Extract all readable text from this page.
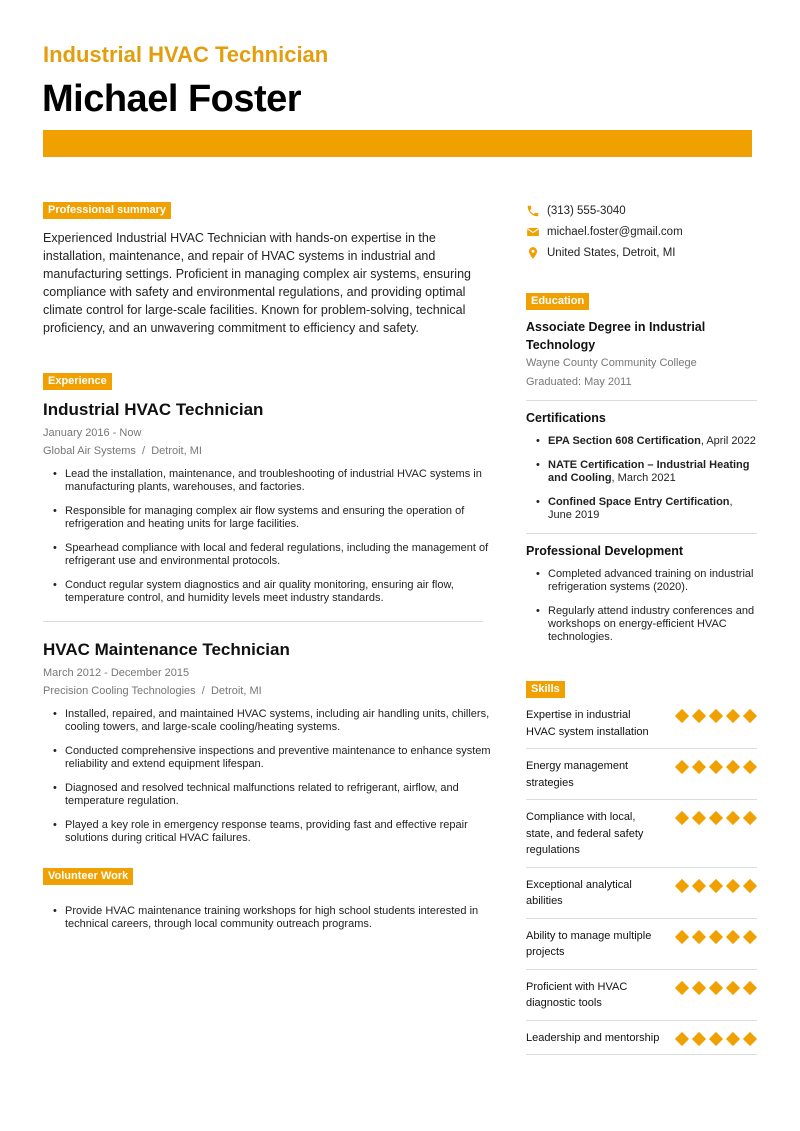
Industrial HVAC Technician
Michael Foster
Professional summary

Experienced Industrial HVAC Technician with hands-on expertise in the installation, maintenance, and repair of HVAC systems in industrial and manufacturing settings. Proficient in managing complex air systems, ensuring compliance with safety and environmental regulations, and providing optimal climate control for large-scale facilities. Known for problem-solving, technical proficiency, and an unwavering commitment to efficiency and safety.

Experience
Industrial HVAC Technician
January 2016 - Now
Global Air Systems  /  Detroit, MI
• Lead the installation, maintenance, and troubleshooting of industrial HVAC systems in manufacturing plants, warehouses, and factories.
• Responsible for managing complex air flow systems and ensuring the operation of refrigeration and heating units for large facilities.
• Spearhead compliance with local and federal regulations, including the management of refrigerant use and environmental protocols.
• Conduct regular system diagnostics and air quality monitoring, ensuring air flow, temperature control, and humidity levels meet industry standards.
HVAC Maintenance Technician
March 2012 - December 2015
Precision Cooling Technologies  /  Detroit, MI
• Installed, repaired, and maintained HVAC systems, including air handling units, chillers, cooling towers, and large-scale cooling/heating systems.
• Conducted comprehensive inspections and preventive maintenance to enhance system reliability and extend equipment lifespan.
• Diagnosed and resolved technical malfunctions related to refrigerant, airflow, and temperature regulation.
• Played a key role in emergency response teams, providing fast and effective repair solutions during critical HVAC failures.
Volunteer Work
• Provide HVAC maintenance training workshops for high school students interested in technical careers, through local community outreach programs.
(313) 555-3040
michael.foster@gmail.com
United States, Detroit, MI
Education
Associate Degree in Industrial Technology
Wayne County Community College
Graduated: May 2011
Certifications
• EPA Section 608 Certification, April 2022
• NATE Certification – Industrial Heating and Cooling, March 2021
• Confined Space Entry Certification, June 2019
Professional Development
• Completed advanced training on industrial refrigeration systems (2020).
• Regularly attend industry conferences and workshops on energy-efficient HVAC technologies.
Skills
Expertise in industrial HVAC system installation
Energy management strategies
Compliance with local, state, and federal safety regulations
Exceptional analytical abilities
Ability to manage multiple projects
Proficient with HVAC diagnostic tools
Leadership and mentorship
